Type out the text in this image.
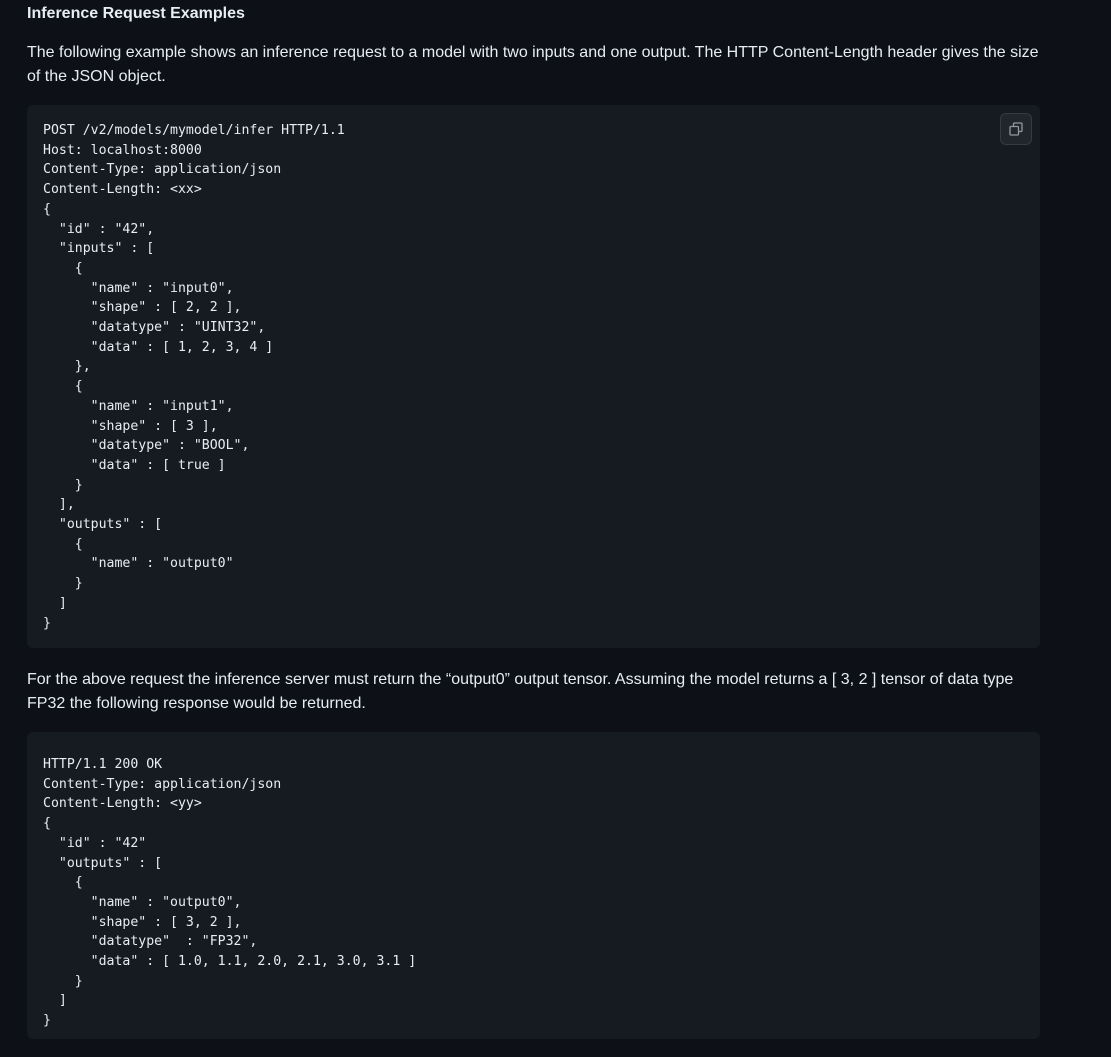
Inference Request Examples

The following example shows an inference request to a model with two inputs and one output. The HTTP Content-Length header gives the size of the JSON object.

POST /v2/models/mymodel/infer HTTP/1.1
Host: localhost:8000
Content-Type: application/json
Content-Length: <xx>
{
"id" : "42",
"inputs" : [
{
"name" : "input0",
"shape" : [ 2, 2 ],
"datatype" : "UINT32",
"data" : [ 1, 2, 3, 4 ]
},
{
"name" : "input1",
"shape" : [ 3 ],
"datatype" : "BOOL",
"data" : [ true ]
}
],
"outputs" : [
{
"name" : "output0"
}
]
}

For the above request the inference server must return the “output0” output tensor. Assuming the model returns a [ 3, 2 ] tensor of data type FP32 the following response would be returned.

HTTP/1.1 200 OK
Content-Type: application/json
Content-Length: <yy>
{
"id" : "42"
"outputs" : [
{
"name" : "output0",
"shape" : [ 3, 2 ],
"datatype"  : "FP32",
"data" : [ 1.0, 1.1, 2.0, 2.1, 3.0, 3.1 ]
}
]
}
